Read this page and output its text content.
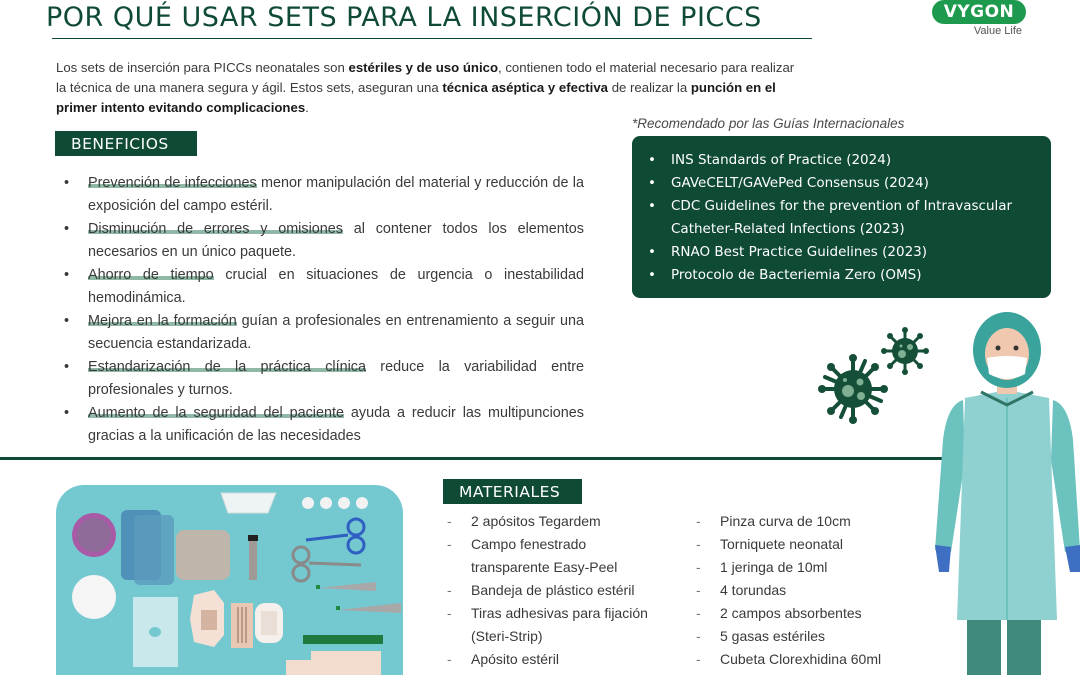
POR QUÉ USAR SETS PARA LA INSERCIÓN DE PICCS	VYGON
Value Life

Los sets de inserción para PICCs neonatales son estériles y de uso único, contienen todo el material necesario para realizar la técnica de una manera segura y ágil. Estos sets, aseguran una técnica aséptica y efectiva de realizar la punción en el primer intento evitando complicaciones.

BENEFICIOS
• Prevención de infecciones menor manipulación del material y reducción de la exposición del campo estéril.
• Disminución de errores y omisiones al contener todos los elementos necesarios en un único paquete.
• Ahorro de tiempo crucial en situaciones de urgencia o inestabilidad hemodinámica.
• Mejora en la formación guían a profesionales en entrenamiento a seguir una secuencia estandarizada.
• Estandarización de la práctica clínica reduce la variabilidad entre profesionales y turnos.
• Aumento de la seguridad del paciente ayuda a reducir las multipunciones gracias a la unificación de las necesidades
*Recomendado por las Guías Internacionales
• INS Standards of Practice (2024)
• GAVeCELT/GAVePed Consensus (2024)
• CDC Guidelines for the prevention of Intravascular Catheter-Related Infections (2023)
• RNAO Best Practice Guidelines (2023)
• Protocolo de Bacteriemia Zero (OMS)
MATERIALES
- 2 apósitos Tegardem
- Campo fenestrado transparente Easy-Peel
- Bandeja de plástico estéril
- Tiras adhesivas para fijación (Steri-Strip)
- Apósito estéril
- Pinza curva de 10cm
- Torniquete neonatal
- 1 jeringa de 10ml
- 4 torundas
- 2 campos absorbentes
- 5 gasas estériles
- Cubeta Clorexhidina 60ml
